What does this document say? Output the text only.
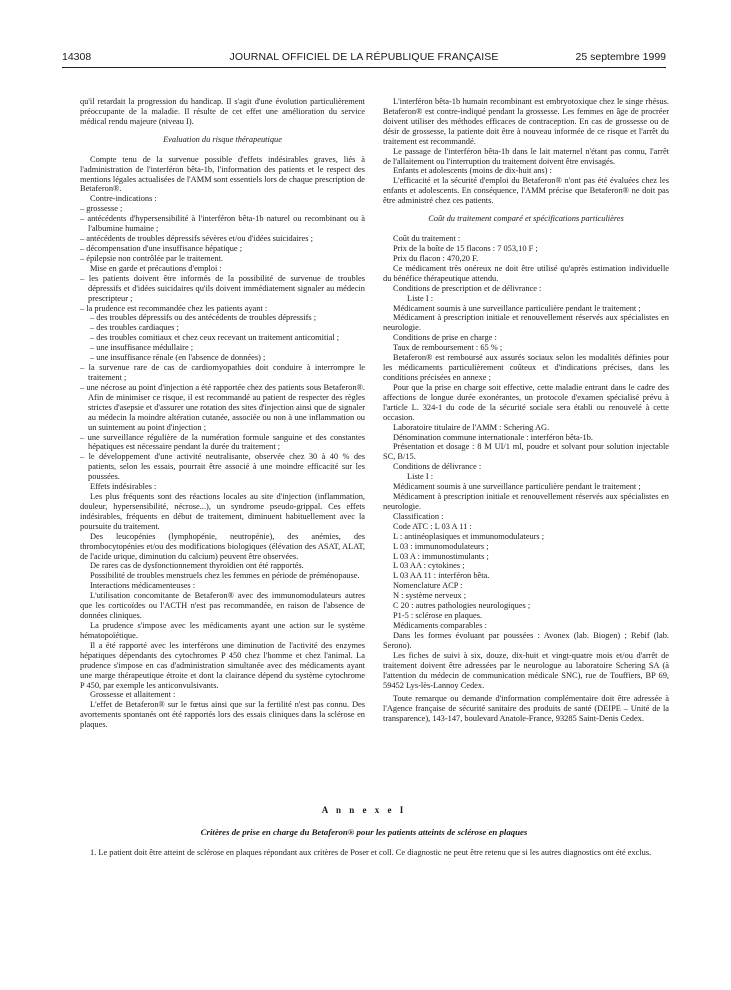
14308	JOURNAL OFFICIEL DE LA RÉPUBLIQUE FRANÇAISE	25 septembre 1999

qu'il retardait la progression du handicap. Il s'agit d'une évolution particulièrement préoccupante de la maladie. Il résulte de cet effet une amélioration du service médical rendu majeure (niveau I).

Evaluation du risque thérapeutique

Compte tenu de la survenue possible d'effets indésirables graves, liés à l'administration de l'interféron bêta-1b, l'information des patients et le respect des mentions légales actualisées de l'AMM sont essentiels lors de chaque prescription de Betaferon®.

Contre-indications :

– grossesse ;

– antécédents d'hypersensibilité à l'interféron bêta-1b naturel ou recombinant ou à l'albumine humaine ;

– antécédents de troubles dépressifs sévères et/ou d'idées suicidaires ;

– décompensation d'une insuffisance hépatique ;

– épilepsie non contrôlée par le traitement.

Mise en garde et précautions d'emploi :

– les patients doivent être informés de la possibilité de survenue de troubles dépressifs et d'idées suicidaires qu'ils doivent immédiatement signaler au médecin prescripteur ;

– la prudence est recommandée chez les patients ayant :

– des troubles dépressifs ou des antécédents de troubles dépressifs ;

– des troubles cardiaques ;

– des troubles comitiaux et chez ceux recevant un traitement anticomitial ;

– une insuffisance médullaire ;

– une insuffisance rénale (en l'absence de données) ;

– la survenue rare de cas de cardiomyopathies doit conduire à interrompre le traitement ;

– une nécrose au point d'injection a été rapportée chez des patients sous Betaferon®. Afin de minimiser ce risque, il est recommandé au patient de respecter des règles strictes d'asepsie et d'assurer une rotation des sites d'injection ainsi que de signaler au médecin la moindre altération cutanée, associée ou non à une inflammation ou un suintement au point d'injection ;

– une surveillance régulière de la numération formule sanguine et des constantes hépatiques est nécessaire pendant la durée du traitement ;

– le développement d'une activité neutralisante, observée chez 30 à 40 % des patients, selon les essais, pourrait être associé à une moindre efficacité sur les poussées.

Effets indésirables :

Les plus fréquents sont des réactions locales au site d'injection (inflammation, douleur, hypersensibilité, nécrose...), un syndrome pseudo-grippal. Ces effets indésirables, fréquents en début de traitement, diminuent habituellement avec la poursuite du traitement.

Des leucopénies (lymphopénie, neutropénie), des anémies, des thrombocytopénies et/ou des modifications biologiques (élévation des ASAT, ALAT, de l'acide urique, diminution du calcium) peuvent être observées.

De rares cas de dysfonctionnement thyroïdien ont été rapportés.

Possibilité de troubles menstruels chez les femmes en période de préménopause.

Interactions médicamenteuses :

L'utilisation concomitante de Betaferon® avec des immunomodulateurs autres que les corticoïdes ou l'ACTH n'est pas recommandée, en raison de l'absence de données cliniques.

La prudence s'impose avec les médicaments ayant une action sur le système hématopoïétique.

Il a été rapporté avec les interférons une diminution de l'activité des enzymes hépatiques dépendants des cytochromes P 450 chez l'homme et chez l'animal. La prudence s'impose en cas d'administration simultanée avec des médicaments ayant une marge thérapeutique étroite et dont la clairance dépend du système cytochrome P 450, par exemple les anticonvulsivants.

Grossesse et allaitement :

L'effet de Betaferon® sur le fœtus ainsi que sur la fertilité n'est pas connu. Des avortements spontanés ont été rapportés lors des essais cliniques dans la sclérose en plaques.

L'interféron bêta-1b humain recombinant est embryotoxique chez le singe rhésus. Betaferon® est contre-indiqué pendant la grossesse. Les femmes en âge de procréer doivent utiliser des méthodes efficaces de contraception. En cas de grossesse ou de désir de grossesse, la patiente doit être à nouveau informée de ce risque et l'arrêt du traitement est recommandé.

Le passage de l'interféron bêta-1b dans le lait maternel n'étant pas connu, l'arrêt de l'allaitement ou l'interruption du traitement doivent être envisagés.

Enfants et adolescents (moins de dix-huit ans) :

L'efficacité et la sécurité d'emploi du Betaferon® n'ont pas été évaluées chez les enfants et adolescents. En conséquence, l'AMM précise que Betaferon® ne doit pas être administré chez ces patients.

Coût du traitement comparé et spécifications particulières

Coût du traitement :

Prix de la boîte de 15 flacons : 7 053,10 F ;

Prix du flacon : 470,20 F.

Ce médicament très onéreux ne doit être utilisé qu'après estimation individuelle du bénéfice thérapeutique attendu.

Conditions de prescription et de délivrance :

Liste I :

Médicament soumis à une surveillance particulière pendant le traitement ;

Médicament à prescription initiale et renouvellement réservés aux spécialistes en neurologie.

Conditions de prise en charge :

Taux de remboursement : 65 % ;

Betaferon® est remboursé aux assurés sociaux selon les modalités définies pour les médicaments particulièrement coûteux et d'indications précises, dans les conditions précisées en annexe ;

Pour que la prise en charge soit effective, cette maladie entrant dans le cadre des affections de longue durée exonérantes, un protocole d'examen spécialisé prévu à l'article L. 324-1 du code de la sécurité sociale sera établi ou renouvelé à cette occasion.

Laboratoire titulaire de l'AMM : Schering AG.

Dénomination commune internationale : interféron bêta-1b.

Présentation et dosage : 8 M UI/1 ml, poudre et solvant pour solution injectable SC, B/15.

Conditions de délivrance :

Liste I :

Médicament soumis à une surveillance particulière pendant le traitement ;

Médicament à prescription initiale et renouvellement réservés aux spécialistes en neurologie.

Classification :

Code ATC : L 03 A 11 :

L : antinéoplasiques et immunomodulateurs ;

L 03 : immunomodulateurs ;

L 03 A : immunostimulants ;

L 03 AA : cytokines ;

L 03 AA 11 : interféron bêta.

Nomenclature ACP :

N : système nerveux ;

C 20 : autres pathologies neurologiques ;

P1-5 : sclérose en plaques.

Médicaments comparables :

Dans les formes évoluant par poussées : Avonex (lab. Biogen) ; Rebif (lab. Serono).

Les fiches de suivi à six, douze, dix-huit et vingt-quatre mois et/ou d'arrêt de traitement doivent être adressées par le neurologue au laboratoire Schering SA (à l'attention du médecin de communication médicale SNC), rue de Touffiers, BP 69, 59452 Lys-lès-Lannoy Cedex.

Toute remarque ou demande d'information complémentaire doit être adressée à l'Agence française de sécurité sanitaire des produits de santé (DEIPE – Unité de la transparence), 143-147, boulevard Anatole-France, 93285 Saint-Denis Cedex.

A n n e x e I
Critères de prise en charge du Betaferon® pour les patients atteints de sclérose en plaques
1. Le patient doit être atteint de sclérose en plaques répondant aux critères de Poser et coll. Ce diagnostic ne peut être retenu que si les autres diagnostics ont été exclus.
